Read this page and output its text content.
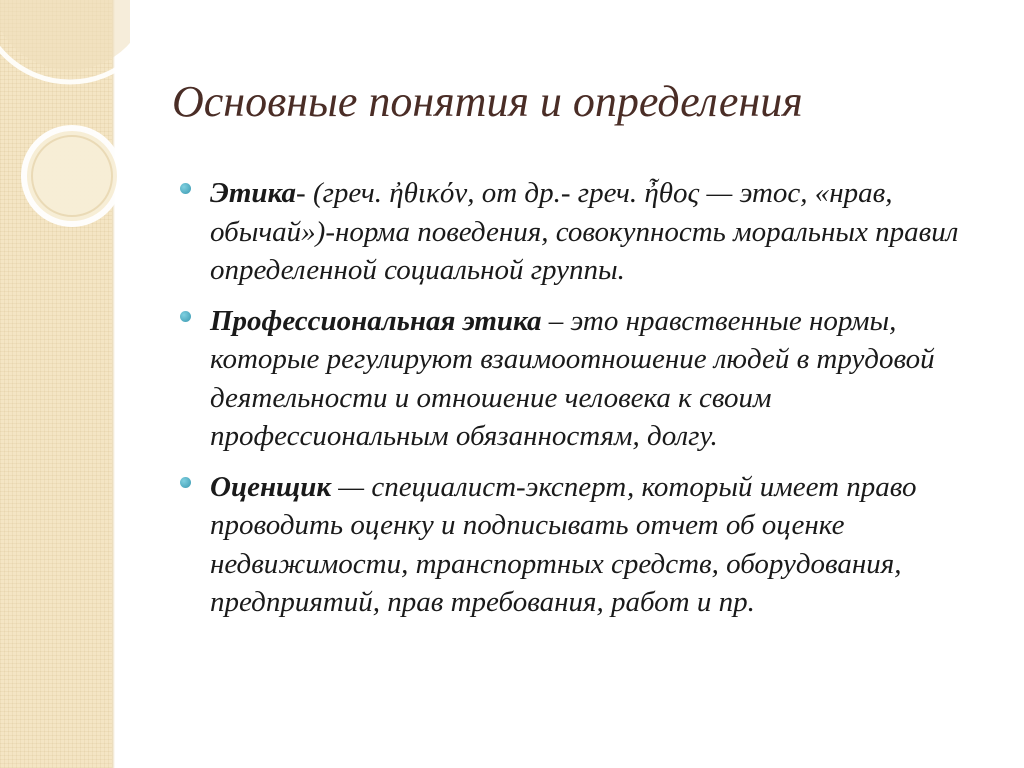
Основные понятия и определения
Этика- (греч. ἠθικόν, от др.- греч. ἦθος — этос, «нрав, обычай»)-норма поведения, совокупность моральных правил определенной социальной группы.
Профессиональная этика – это нравственные нормы, которые регулируют взаимоотношение людей в трудовой деятельности и отношение человека к своим профессиональным обязанностям, долгу.
Оценщик — специалист-эксперт, который имеет право проводить оценку и подписывать отчет об оценке недвижимости, транспортных средств, оборудования, предприятий, прав требования, работ и пр.
